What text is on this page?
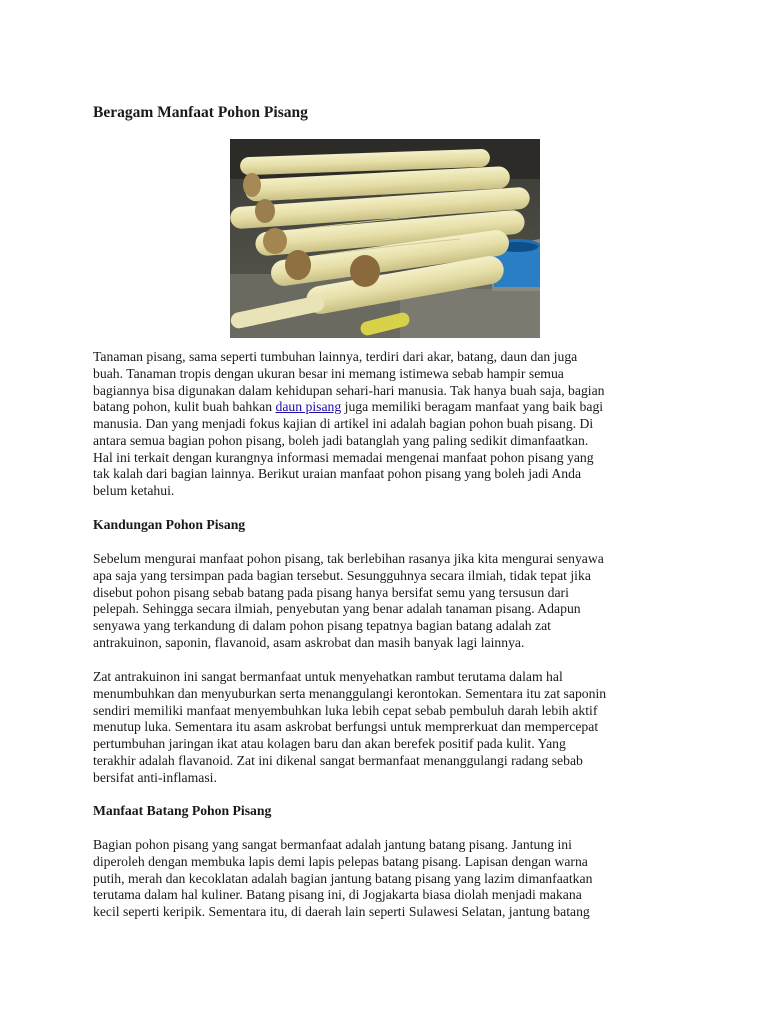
Beragam Manfaat Pohon Pisang

Tanaman pisang, sama seperti tumbuhan lainnya, terdiri dari akar, batang, daun dan juga
buah. Tanaman tropis dengan ukuran besar ini memang istimewa sebab hampir semua
bagiannya bisa digunakan dalam kehidupan sehari-hari manusia. Tak hanya buah saja, bagian
batang pohon, kulit buah bahkan daun pisang juga memiliki beragam manfaat yang baik bagi
manusia. Dan yang menjadi fokus kajian di artikel ini adalah bagian pohon buah pisang. Di
antara semua bagian pohon pisang, boleh jadi batanglah yang paling sedikit dimanfaatkan.
Hal ini terkait dengan kurangnya informasi memadai mengenai manfaat pohon pisang yang
tak kalah dari bagian lainnya. Berikut uraian manfaat pohon pisang yang boleh jadi Anda
belum ketahui.

Kandungan Pohon Pisang

Sebelum mengurai manfaat pohon pisang, tak berlebihan rasanya jika kita mengurai senyawa
apa saja yang tersimpan pada bagian tersebut. Sesungguhnya secara ilmiah, tidak tepat jika
disebut pohon pisang sebab batang pada pisang hanya bersifat semu yang tersusun dari
pelepah. Sehingga secara ilmiah, penyebutan yang benar adalah tanaman pisang. Adapun
senyawa yang terkandung di dalam pohon pisang tepatnya bagian batang adalah zat
antrakuinon, saponin, flavanoid, asam askrobat dan masih banyak lagi lainnya.

Zat antrakuinon ini sangat bermanfaat untuk menyehatkan rambut terutama dalam hal
menumbuhkan dan menyuburkan serta menanggulangi kerontokan. Sementara itu zat saponin
sendiri memiliki manfaat menyembuhkan luka lebih cepat sebab pembuluh darah lebih aktif
menutup luka. Sementara itu asam askrobat berfungsi untuk memprerkuat dan mempercepat
pertumbuhan jaringan ikat atau kolagen baru dan akan berefek positif pada kulit. Yang
terakhir adalah flavanoid. Zat ini dikenal sangat bermanfaat menanggulangi radang sebab
bersifat anti-inflamasi.

Manfaat Batang Pohon Pisang

Bagian pohon pisang yang sangat bermanfaat adalah jantung batang pisang. Jantung ini
diperoleh dengan membuka lapis demi lapis pelepas batang pisang. Lapisan dengan warna
putih, merah dan kecoklatan adalah bagian jantung batang pisang yang lazim dimanfaatkan
terutama dalam hal kuliner. Batang pisang ini, di Jogjakarta biasa diolah menjadi makana
kecil seperti keripik. Sementara itu, di daerah lain seperti Sulawesi Selatan, jantung batang
